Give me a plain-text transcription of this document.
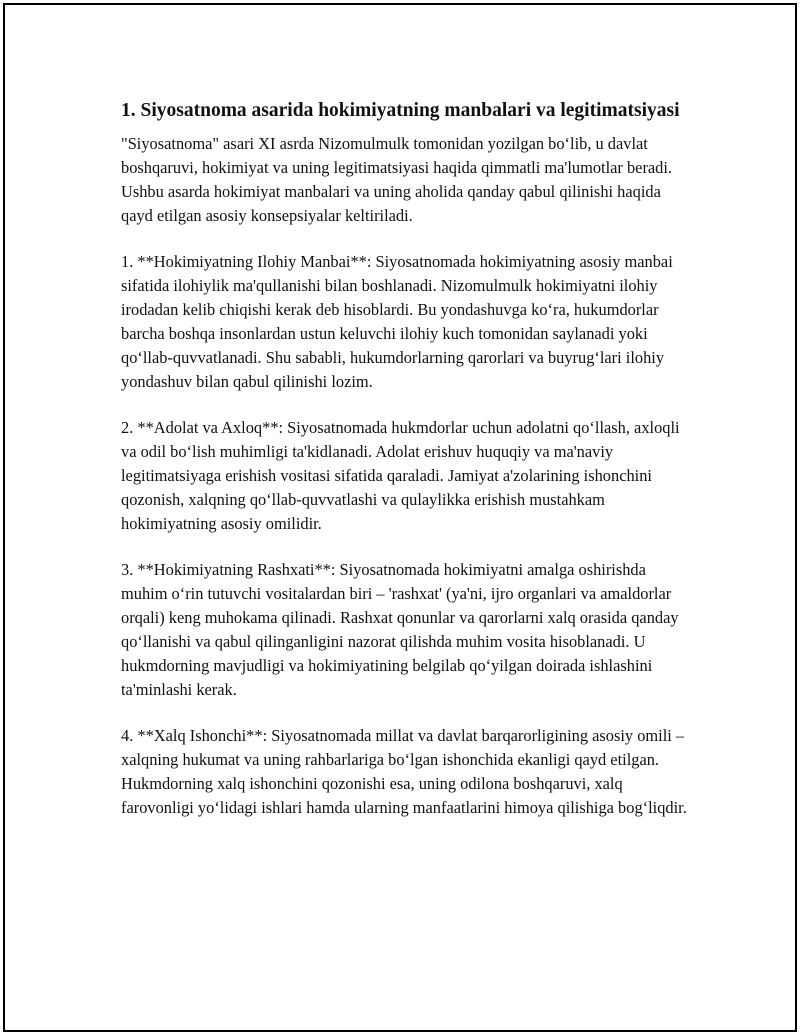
1. Siyosatnoma asarida hokimiyatning manbalari va legitimatsiyasi

"Siyosatnoma" asari XI asrda Nizomulmulk tomonidan yozilgan bo‘lib, u davlat boshqaruvi, hokimiyat va uning legitimatsiyasi haqida qimmatli ma'lumotlar beradi. Ushbu asarda hokimiyat manbalari va uning aholida qanday qabul qilinishi haqida qayd etilgan asosiy konsepsiyalar keltiriladi.

1. **Hokimiyatning Ilohiy Manbai**: Siyosatnomada hokimiyatning asosiy manbai sifatida ilohiylik ma'qullanishi bilan boshlanadi. Nizomulmulk hokimiyatni ilohiy irodadan kelib chiqishi kerak deb hisoblardi. Bu yondashuvga ko‘ra, hukumdorlar barcha boshqa insonlardan ustun keluvchi ilohiy kuch tomonidan saylanadi yoki qo‘llab-quvvatlanadi. Shu sababli, hukumdorlarning qarorlari va buyrug‘lari ilohiy yondashuv bilan qabul qilinishi lozim.

2. **Adolat va Axloq**: Siyosatnomada hukmdorlar uchun adolatni qo‘llash, axloqli va odil bo‘lish muhimligi ta'kidlanadi. Adolat erishuv huquqiy va ma'naviy legitimatsiyaga erishish vositasi sifatida qaraladi. Jamiyat a'zolarining ishonchini qozonish, xalqning qo‘llab-quvvatlashi va qulaylikka erishish mustahkam hokimiyatning asosiy omilidir.

3. **Hokimiyatning Rashxati**: Siyosatnomada hokimiyatni amalga oshirishda muhim o‘rin tutuvchi vositalardan biri – 'rashxat' (ya'ni, ijro organlari va amaldorlar orqali) keng muhokama qilinadi. Rashxat qonunlar va qarorlarni xalq orasida qanday qo‘llanishi va qabul qilinganligini nazorat qilishda muhim vosita hisoblanadi. U hukmdorning mavjudligi va hokimiyatining belgilab qo‘yilgan doirada ishlashini ta'minlashi kerak.

4. **Xalq Ishonchi**: Siyosatnomada millat va davlat barqarorligining asosiy omili – xalqning hukumat va uning rahbarlariga bo‘lgan ishonchida ekanligi qayd etilgan. Hukmdorning xalq ishonchini qozonishi esa, uning odilona boshqaruvi, xalq farovonligi yo‘lidagi ishlari hamda ularning manfaatlarini himoya qilishiga bog‘liqdir.
